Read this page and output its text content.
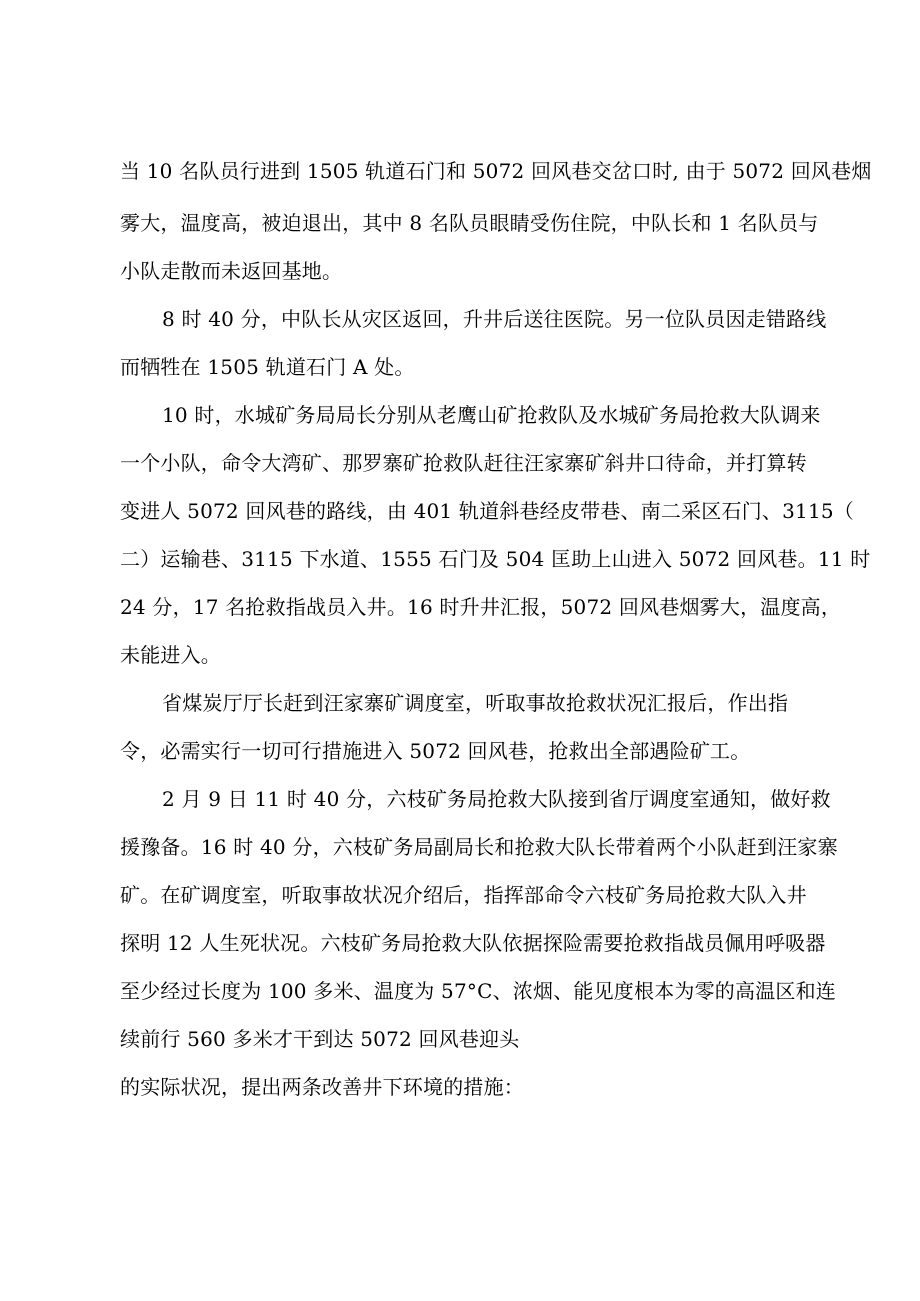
当 10 名队员行进到 1505 轨道石门和 5072 回风巷交岔口时, 由于 5072 回风巷烟
雾大，温度高，被迫退出，其中 8 名队员眼睛受伤住院，中队长和 1 名队员与
小队走散而未返回基地。
8 时 40 分，中队长从灾区返回，升井后送往医院。另一位队员因走错路线
而牺牲在 1505 轨道石门 A 处。
10 时，水城矿务局局长分别从老鹰山矿抢救队及水城矿务局抢救大队调来
一个小队，命令大湾矿、那罗寨矿抢救队赶往汪家寨矿斜井口待命，并打算转
变进人 5072 回风巷的路线，由 401 轨道斜巷经皮带巷、南二采区石门、3115（
二）运输巷、3115 下水道、1555 石门及 504 匡助上山进入 5072 回风巷。11 时
24 分，17 名抢救指战员入井。16 时升井汇报，5072 回风巷烟雾大，温度高，
未能进入。
省煤炭厅厅长赶到汪家寨矿调度室，听取事故抢救状况汇报后，作出指
令，必需实行一切可行措施进入 5072 回风巷，抢救出全部遇险矿工。
2 月 9 日 11 时 40 分，六枝矿务局抢救大队接到省厅调度室通知，做好救
援豫备。16 时 40 分，六枝矿务局副局长和抢救大队长带着两个小队赶到汪家寨
矿。在矿调度室，听取事故状况介绍后，指挥部命令六枝矿务局抢救大队入井
探明 12 人生死状况。六枝矿务局抢救大队依据探险需要抢救指战员佩用呼吸器
至少经过长度为 100 多米、温度为 57°C、浓烟、能见度根本为零的高温区和连
续前行 560 多米才干到达 5072 回风巷迎头
的实际状况，提出两条改善井下环境的措施：
